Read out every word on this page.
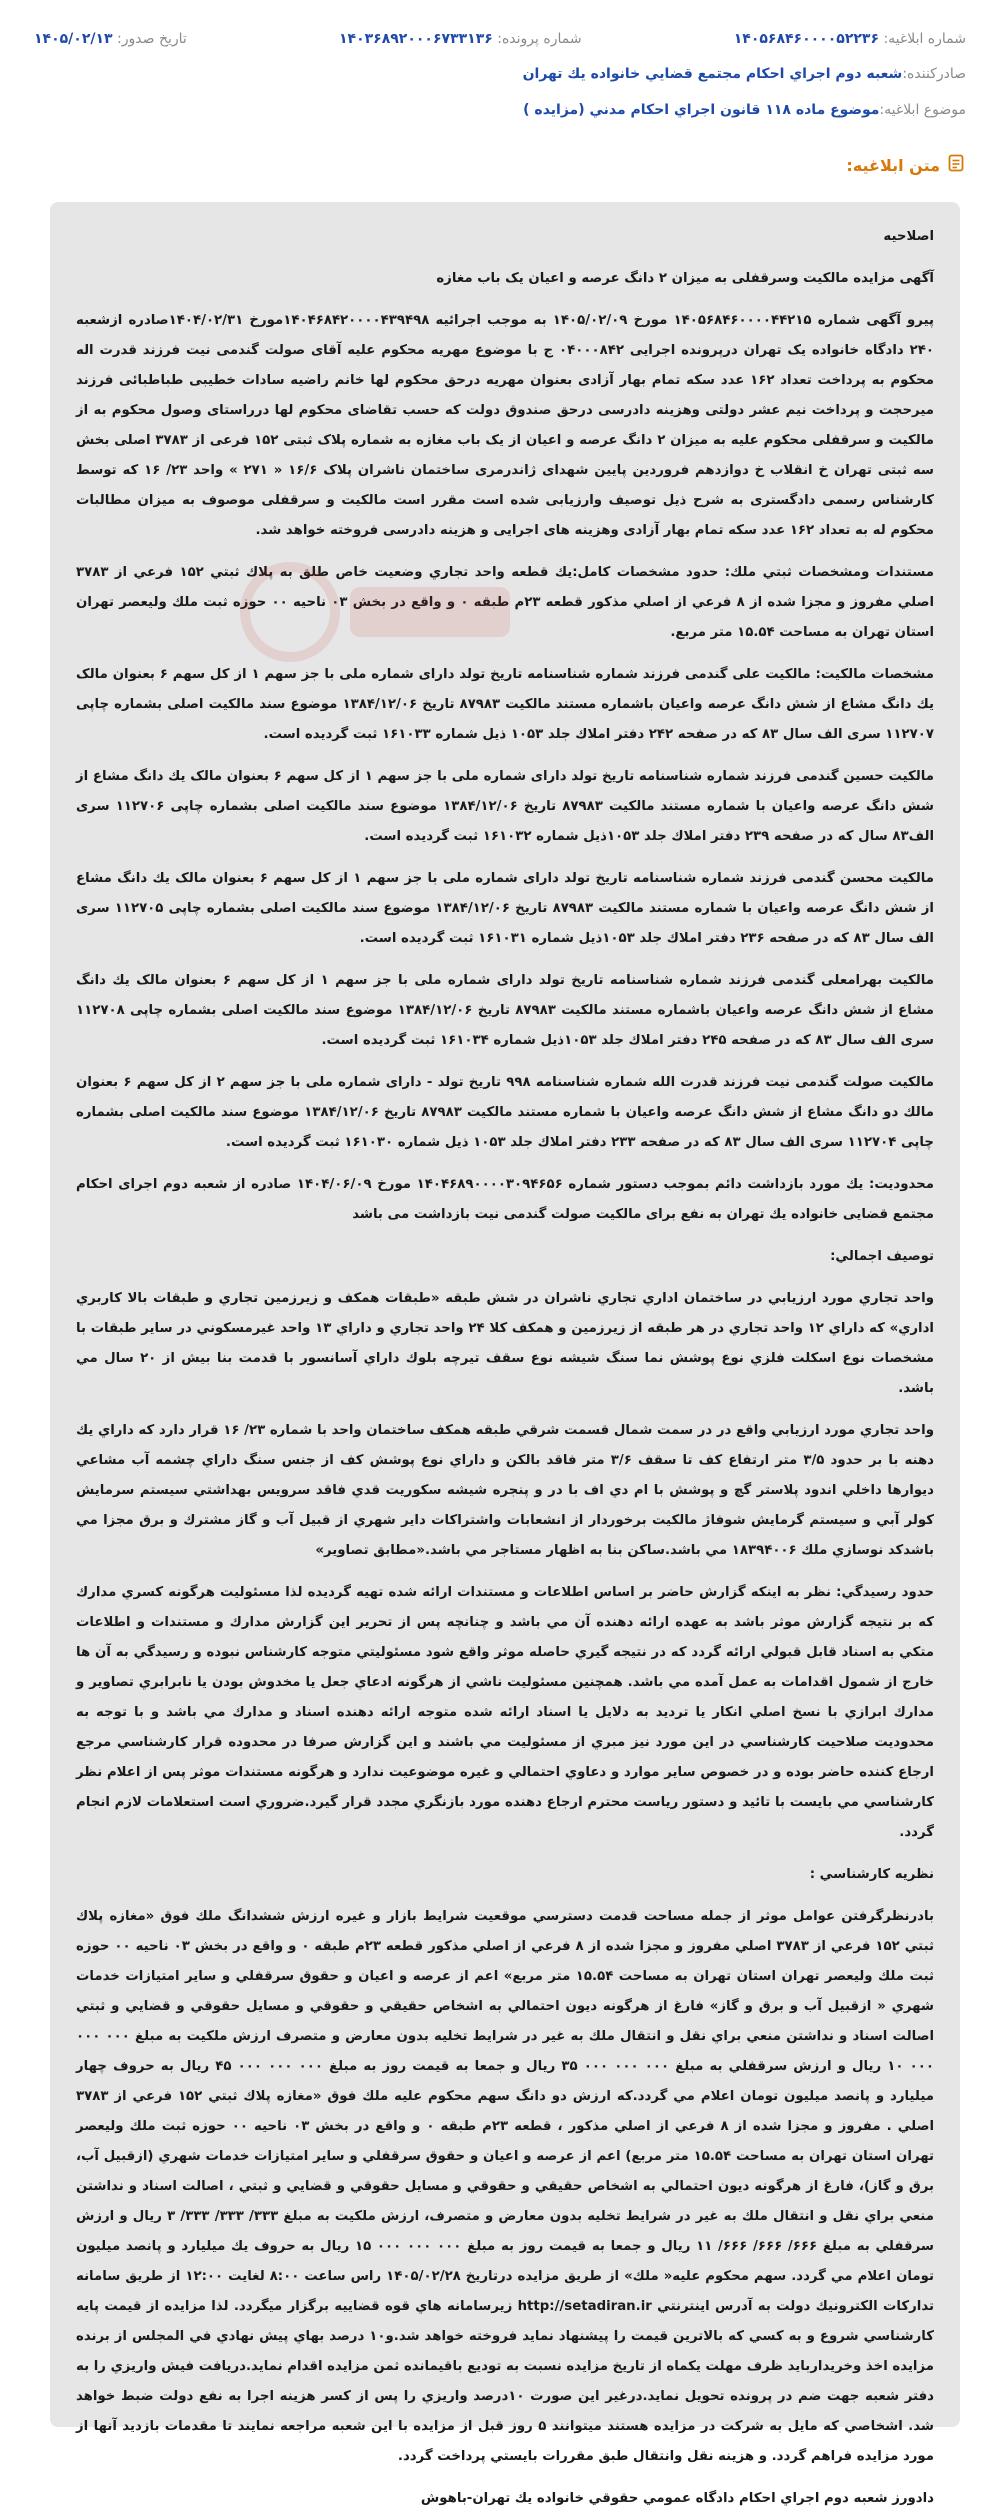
شماره ابلاغیه: ۱۴۰۵۶۸۴۶۰۰۰۰۵۲۲۳۶
شماره پرونده: ۱۴۰۳۶۸۹۲۰۰۰۶۷۳۳۱۳۶
تاریخ صدور: ۱۴۰۵/۰۲/۱۳
صادرکننده:
شعبه دوم اجراي احکام مجتمع قضايي خانواده يك تهران
موضوع ابلاغیه:
موضوع ماده ۱۱۸ قانون اجراي احکام مدني (مزايده )
متن ابلاغیه:

اصلاحیه

آگهی مزایده مالکیت وسرقفلی به میزان ۲ دانگ عرصه و اعیان یک باب مغازه

پیرو آگهی شماره ۱۴۰۵۶۸۴۶۰۰۰۰۴۴۲۱۵ مورخ ۱۴۰۵/۰۲/۰۹ به موجب اجرائیه ۱۴۰۴۶۸۴۲۰۰۰۰۴۳۹۴۹۸مورخ ۱۴۰۴/۰۲/۳۱صادره ازشعبه ۲۴۰ دادگاه خانواده یک تهران درپرونده اجرایی ۰۴۰۰۰۸۴۲ ج با موضوع مهریه محکوم علیه آقای صولت گندمی نیت فرزند قدرت اله محکوم به پرداخت تعداد ۱۶۲ عدد سکه تمام بهار آزادی بعنوان مهریه درحق محکوم لها خانم راضیه سادات خطیبی طباطبائی فرزند میرحجت و پرداخت نیم عشر دولتی وهزینه دادرسی درحق صندوق دولت که حسب تقاضای محکوم لها درراستای وصول محکوم به از مالکیت و سرقفلی محکوم علیه به میزان ۲ دانگ عرصه و اعیان از یک باب مغازه به شماره پلاک ثبتی ۱۵۲ فرعی از ۳۷۸۳ اصلی بخش سه ثبتی تهران خ انقلاب خ دوازدهم فروردین پایین شهدای ژاندرمری ساختمان ناشران پلاک ۱۶/۶ « ۲۷۱ » واحد ۲۳/ ۱۶ که توسط کارشناس رسمی دادگستری به شرح ذیل توصیف وارزیابی شده است مقرر است مالکیت و سرقفلی موصوف به میزان مطالبات محکوم له به تعداد ۱۶۲ عدد سکه تمام بهار آزادی وهزینه های اجرایی و هزینه دادرسی فروخته خواهد شد.

مستندات ومشخصات ثبتي ملك: حدود مشخصات كامل:يك قطعه واحد تجاري وضعيت خاص طلق به پلاك ثبتي ۱۵۲ فرعي از ۳۷۸۳ اصلي مفروز و مجزا شده از ۸ فرعي از اصلي مذكور قطعه ۲۳م طبقه ۰ و واقع در بخش ۰۳ ناحيه ۰۰ حوزه ثبت ملك وليعصر تهران استان تهران به مساحت ۱۵.۵۴ متر مربع.

مشخصات مالکیت: مالکیت علی گندمی فرزند شماره شناسنامه تاریخ تولد دارای شماره ملی با جز سهم ۱ از کل سهم ۶ بعنوان مالک یك دانگ مشاع از شش دانگ عرصه واعیان باشماره مستند مالکیت ۸۷۹۸۳ تاریخ ۱۳۸۴/۱۲/۰۶ موضوع سند مالکیت اصلی بشماره چاپی ۱۱۲۷۰۷ سری الف سال ۸۳ که در صفحه ۲۴۲ دفتر املاك جلد ۱۰۵۳ ذیل شماره ۱۶۱۰۳۳ ثبت گردیده است.

مالکیت حسین گندمی فرزند شماره شناسنامه تاریخ تولد دارای شماره ملی با جز سهم ۱ از کل سهم ۶ بعنوان مالک یك دانگ مشاع از شش دانگ عرصه واعیان با شماره مستند مالکیت ۸۷۹۸۳ تاریخ ۱۳۸۴/۱۲/۰۶ موضوع سند مالکیت اصلی بشماره چاپی ۱۱۲۷۰۶ سری الف۸۳ سال که در صفحه ۲۳۹ دفتر املاك جلد ۱۰۵۳ذیل شماره ۱۶۱۰۳۲ ثبت گردیده است.

مالکیت محسن گندمی فرزند شماره شناسنامه تاریخ تولد دارای شماره ملی با جز سهم ۱ از کل سهم ۶ بعنوان مالک یك دانگ مشاع از شش دانگ عرصه واعیان با شماره مستند مالکیت ۸۷۹۸۳ تاریخ ۱۳۸۴/۱۲/۰۶ موضوع سند مالکیت اصلی بشماره چاپی ۱۱۲۷۰۵ سری الف سال ۸۳ که در صفحه ۲۳۶ دفتر املاك جلد ۱۰۵۳ذیل شماره ۱۶۱۰۳۱ ثبت گردیده است.

مالکیت بهرامعلی گندمی فرزند شماره شناسنامه تاریخ تولد دارای شماره ملی با جز سهم ۱ از کل سهم ۶ بعنوان مالک یك دانگ مشاع از شش دانگ عرصه واعیان باشماره مستند مالکیت ۸۷۹۸۳ تاریخ ۱۳۸۴/۱۲/۰۶ موضوع سند مالکیت اصلی بشماره چاپی ۱۱۲۷۰۸ سری الف سال ۸۳ که در صفحه ۲۴۵ دفتر املاك جلد ۱۰۵۳ذیل شماره ۱۶۱۰۳۴ ثبت گردیده است.

مالکیت صولت گندمی نیت فرزند قدرت الله شماره شناسنامه ۹۹۸ تاریخ تولد - دارای شماره ملی با جز سهم ۲ از کل سهم ۶ بعنوان مالك دو دانگ مشاع از شش دانگ عرصه واعیان با شماره مستند مالکیت ۸۷۹۸۳ تاریخ ۱۳۸۴/۱۲/۰۶ موضوع سند مالکیت اصلی بشماره چاپی ۱۱۲۷۰۴ سری الف سال ۸۳ که در صفحه ۲۳۳ دفتر املاك جلد ۱۰۵۳ ذیل شماره ۱۶۱۰۳۰ ثبت گردیده است.

محدودیت: یك مورد بازداشت دائم بموجب دستور شماره ۱۴۰۴۶۸۹۰۰۰۰۳۰۹۴۶۵۶ مورخ ۱۴۰۴/۰۶/۰۹ صادره از شعبه دوم اجرای احکام مجتمع قضایی خانواده یك تهران به نفع برای مالکیت صولت گندمی نیت بازداشت می باشد

توصيف اجمالي:

واحد تجاري مورد ارزيابي در ساختمان اداري تجاري ناشران در شش طبقه «طبقات همكف و زيرزمين تجاري و طبقات بالا كاربري اداري» كه داراي ۱۲ واحد تجاري در هر طبقه از زيرزمين و همكف كلا ۲۴ واحد تجاري و داراي ۱۳ واحد غيرمسكوني در ساير طبقات با مشخصات نوع اسكلت فلزي نوع پوشش نما سنگ شيشه نوع سقف تيرچه بلوك داراي آسانسور با قدمت بنا بيش از ۲۰ سال مي باشد.

واحد تجاري مورد ارزيابي واقع در در سمت شمال قسمت شرقي طبقه همكف ساختمان واحد با شماره ۲۳/ ۱۶ قرار دارد كه داراي يك دهنه با بر حدود ۳/۵ متر ارتفاع كف تا سقف ۳/۶ متر فاقد بالكن و داراي نوع پوشش كف از جنس سنگ داراي چشمه آب مشاعي ديوارها داخلي اندود پلاستر گچ و پوشش با ام دي اف با در و پنجره شيشه سكوريت قدي فاقد سرويس بهداشتي سيستم سرمايش كولر آبي و سيستم گرمايش شوفاژ مالكيت برخوردار از انشعابات واشتراكات داير شهري از قبيل آب و گاز مشترك و برق مجزا مي باشدكد نوسازي ملك ۱۸۳۹۴۰۰۶ مي باشد.ساكن بنا به اظهار مستاجر مي باشد.«مطابق تصاوير»

حدود رسيدگي: نظر به اينكه گزارش حاضر بر اساس اطلاعات و مستندات ارائه شده تهيه گرديده لذا مسئوليت هرگونه كسري مدارك كه بر نتيجه گزارش موثر باشد به عهده ارائه دهنده آن مي باشد و چنانچه پس از تحرير اين گزارش مدارك و مستندات و اطلاعات متكي به اسناد قابل قبولي ارائه گردد كه در نتيجه گيري حاصله موثر واقع شود مسئوليتي متوجه كارشناس نبوده و رسيدگي به آن ها خارج از شمول اقدامات به عمل آمده مي باشد. همچنين مسئوليت ناشي از هرگونه ادعاي جعل يا مخدوش بودن يا نابرابري تصاوير و مدارك ابرازي با نسخ اصلي انكار يا ترديد به دلايل يا اسناد ارائه شده متوجه ارائه دهنده اسناد و مدارك مي باشد و با توجه به محدوديت صلاحيت كارشناسي در اين مورد نيز مبري از مسئوليت مي باشند و اين گزارش صرفا در محدوده قرار كارشناسي مرجع ارجاع كننده حاضر بوده و در خصوص ساير موارد و دعاوي احتمالي و غيره موضوعيت ندارد و هرگونه مستندات موثر پس از اعلام نظر كارشناسي مي بايست با تائيد و دستور رياست محترم ارجاع دهنده مورد بازنگري مجدد قرار گيرد.ضروري است استعلامات لازم انجام گردد.

نظريه كارشناسي :

بادرنظرگرفتن عوامل موثر از جمله مساحت قدمت دسترسي موقعيت شرايط بازار و غيره ارزش ششدانگ ملك فوق «مغازه پلاك ثبتي ۱۵۲ فرعي از ۳۷۸۳ اصلي مفروز و مجزا شده از ۸ فرعي از اصلي مذكور قطعه ۲۳م طبقه ۰ و واقع در بخش ۰۳ ناحيه ۰۰ حوزه ثبت ملك وليعصر تهران استان تهران به مساحت ۱۵.۵۴ متر مربع» اعم از عرصه و اعيان و حقوق سرقفلي و ساير امتيازات خدمات شهري « ازقبيل آب و برق و گاز» فارغ از هرگونه ديون احتمالي به اشخاص حقيقي و حقوقي و مسايل حقوقي و قضايي و ثبتي اصالت اسناد و نداشتن منعي براي نقل و انتقال ملك به غير در شرايط تخليه بدون معارض و متصرف ارزش ملكيت به مبلغ ۰۰۰ ۰۰۰ ۰۰۰ ۱۰ ريال و ارزش سرقفلي به مبلغ ۰۰۰ ۰۰۰ ۰۰۰ ۳۵ ريال و جمعا به قيمت روز به مبلغ ۰۰۰ ۰۰۰ ۰۰۰ ۴۵ ريال به حروف چهار ميليارد و پانصد ميليون تومان اعلام مي گردد.كه ارزش دو دانگ سهم محكوم عليه ملك فوق «مغازه پلاك ثبتي ۱۵۲ فرعي از ۳۷۸۳ اصلي . مفروز و مجزا شده از ۸ فرعي از اصلي مذكور ، قطعه ۲۳م طبقه ۰ و واقع در بخش ۰۳ ناحيه ۰۰ حوزه ثبت ملك وليعصر تهران استان تهران به مساحت ۱۵.۵۴ متر مربع) اعم از عرصه و اعيان و حقوق سرقفلي و ساير امتيازات خدمات شهري (ازقبيل آب، برق و گاز)، فارغ از هرگونه ديون احتمالي به اشخاص حقيقي و حقوقي و مسايل حقوقي و قضايي و ثبتي ، اصالت اسناد و نداشتن منعي براي نقل و انتقال ملك به غير در شرايط تخليه بدون معارض و متصرف، ارزش ملكيت به مبلغ ۳۳۳/ ۳۳۳/ ۳۳۳/ ۳ ريال و ارزش سرقفلي به مبلغ ۶۶۶/ ۶۶۶/ ۶۶۶/ ۱۱ ريال و جمعا به قيمت روز به مبلغ ۰۰۰ ۰۰۰ ۰۰۰ ۱۵ ريال به حروف يك ميليارد و پانصد ميليون تومان اعلام مي گردد. سهم محكوم عليه« ملك» از طريق مزايده درتاريخ ۱۴۰۵/۰۲/۲۸ راس ساعت ۸:۰۰ لغايت ۱۲:۰۰ از طريق سامانه تداركات الكترونيك دولت به آدرس اينترنتي http://setadiran.ir زيرسامانه هاي قوه قضاييه برگزار ميگردد. لذا مزايده از قيمت پايه كارشناسي شروع و به كسي كه بالاترين قيمت را پيشنهاد نمايد فروخته خواهد شد.و۱۰ درصد بهاي پيش نهادي في المجلس از برنده مزايده اخذ وخريداربايد ظرف مهلت يكماه از تاريخ مزايده نسبت به توديع باقيمانده ثمن مزايده اقدام نمايد.دريافت فيش واريزي را به دفتر شعبه جهت ضم در پرونده تحويل نمايد.درغير اين صورت ۱۰درصد واريزي را پس از كسر هزينه اجرا به نفع دولت ضبط خواهد شد. اشخاصي كه مايل به شركت در مزايده هستند ميتوانند ۵ روز قبل از مزايده با اين شعبه مراجعه نمايند تا مقدمات بازديد آنها از مورد مزايده فراهم گردد. و هزينه نقل وانتقال طبق مقررات بايستي پرداخت گردد.

دادورز شعبه دوم اجراي احكام دادگاه عمومي حقوقي خانواده يك تهران-باهوش
